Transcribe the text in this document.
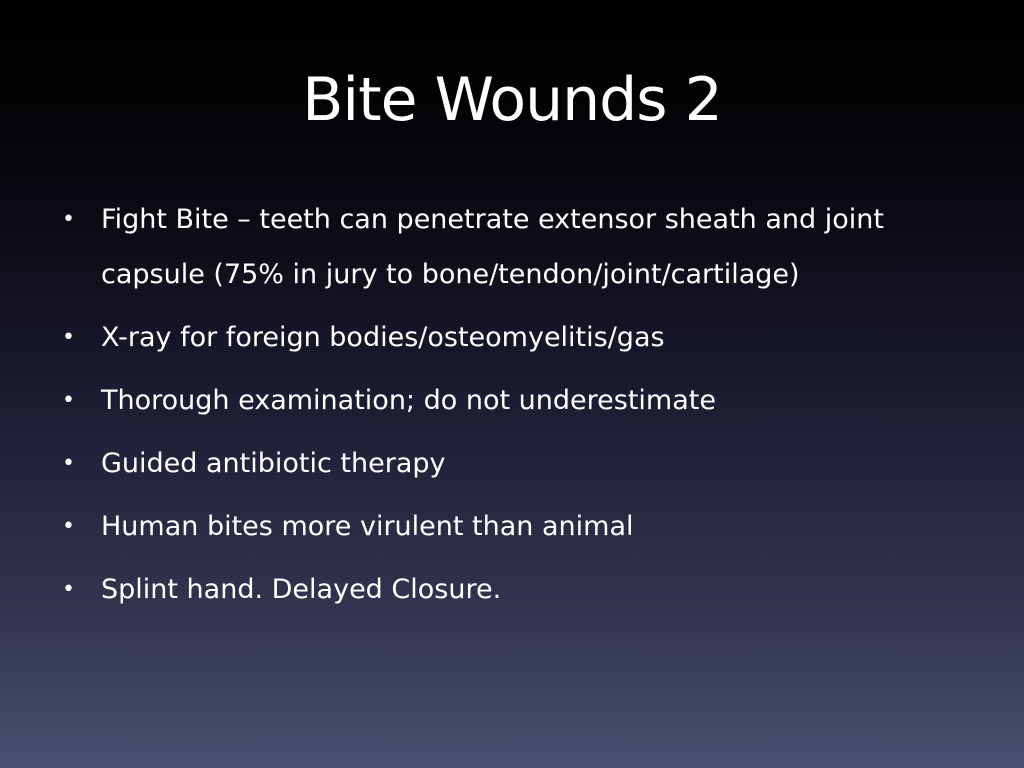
Bite Wounds 2
• Fight Bite – teeth can penetrate extensor sheath and joint capsule (75% in jury to bone/tendon/joint/cartilage)
• X-ray for foreign bodies/osteomyelitis/gas
• Thorough examination; do not underestimate
• Guided antibiotic therapy
• Human bites more virulent than animal
• Splint hand. Delayed Closure.
